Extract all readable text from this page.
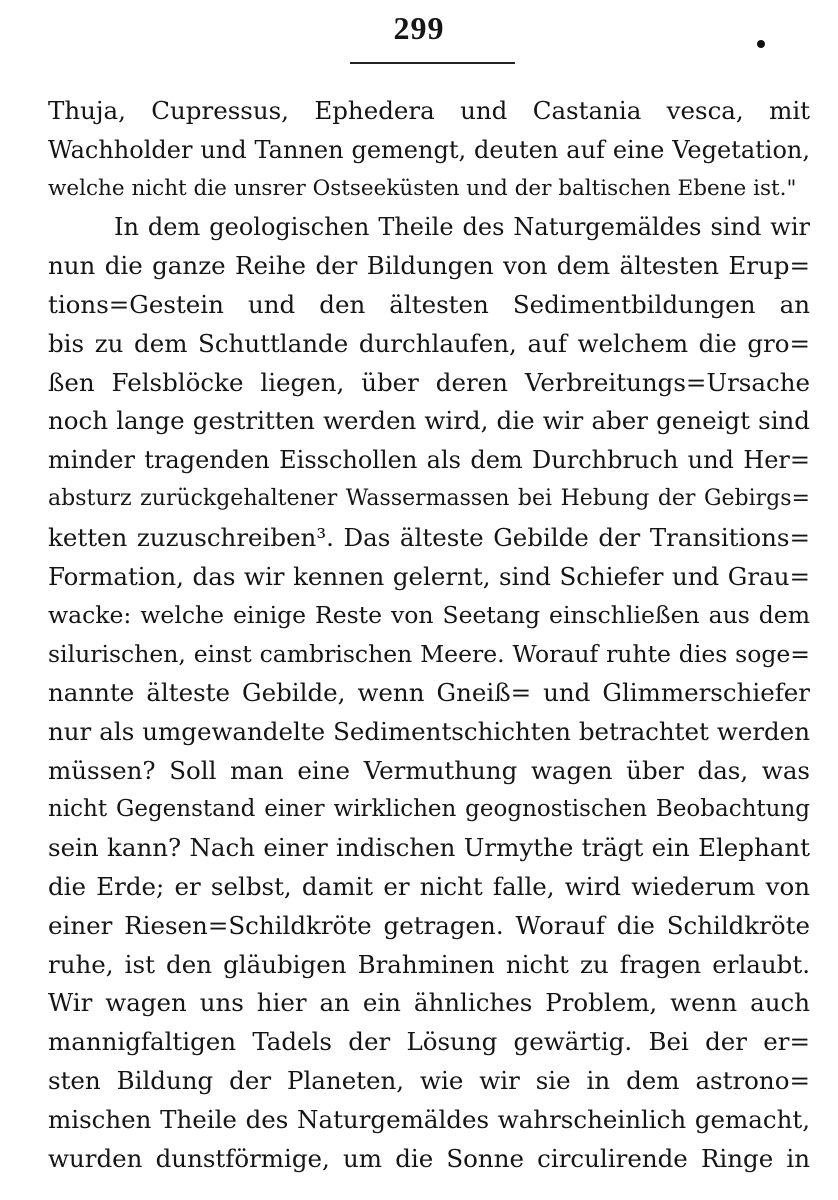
299
Thuja, Cupressus, Ephedera und Castania vesca, mit
Wachholder und Tannen gemengt, deuten auf eine Vegetation,
welche nicht die unsrer Ostseeküsten und der baltischen Ebene ist."
In dem geologischen Theile des Naturgemäldes sind wir
nun die ganze Reihe der Bildungen von dem ältesten Erup=
tions=Gestein und den ältesten Sedimentbildungen an
bis zu dem Schuttlande durchlaufen, auf welchem die gro=
ßen Felsblöcke liegen, über deren Verbreitungs=Ursache
noch lange gestritten werden wird, die wir aber geneigt sind
minder tragenden Eisschollen als dem Durchbruch und Her=
absturz zurückgehaltener Wassermassen bei Hebung der Gebirgs=
ketten zuzuschreiben³. Das älteste Gebilde der Transitions=
Formation, das wir kennen gelernt, sind Schiefer und Grau=
wacke: welche einige Reste von Seetang einschließen aus dem
silurischen, einst cambrischen Meere. Worauf ruhte dies soge=
nannte älteste Gebilde, wenn Gneiß= und Glimmerschiefer
nur als umgewandelte Sedimentschichten betrachtet werden
müssen? Soll man eine Vermuthung wagen über das, was
nicht Gegenstand einer wirklichen geognostischen Beobachtung
sein kann? Nach einer indischen Urmythe trägt ein Elephant
die Erde; er selbst, damit er nicht falle, wird wiederum von
einer Riesen=Schildkröte getragen. Worauf die Schildkröte
ruhe, ist den gläubigen Brahminen nicht zu fragen erlaubt.
Wir wagen uns hier an ein ähnliches Problem, wenn auch
mannigfaltigen Tadels der Lösung gewärtig. Bei der er=
sten Bildung der Planeten, wie wir sie in dem astrono=
mischen Theile des Naturgemäldes wahrscheinlich gemacht,
wurden dunstförmige, um die Sonne circulirende Ringe in
